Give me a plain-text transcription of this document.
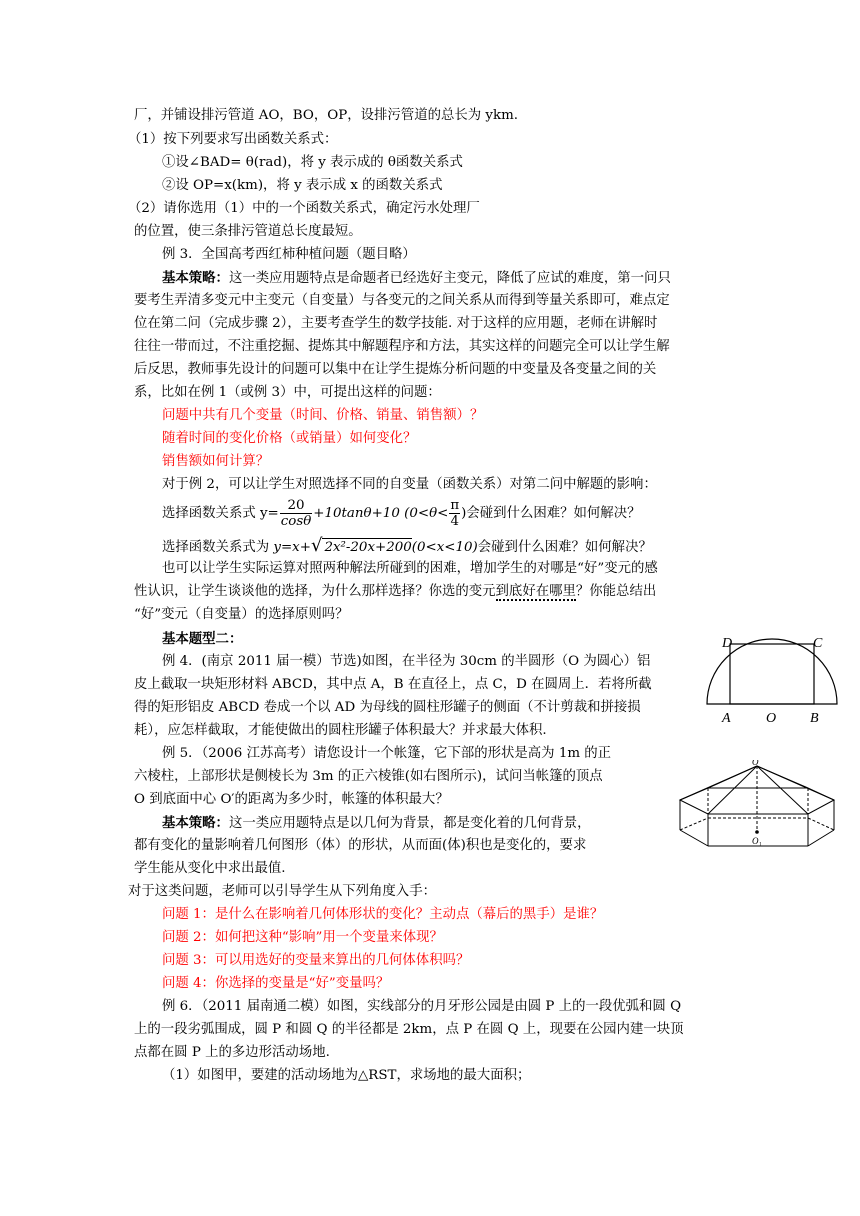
厂，并铺设排污管道 AO，BO，OP，设排污管道的总长为 ykm.
（1）按下列要求写出函数关系式：
①设∠BAD= θ(rad)，将 y 表示成的 θ函数关系式
②设 OP=x(km)，将 y 表示成 x 的函数关系式
（2）请你选用（1）中的一个函数关系式，确定污水处理厂
的位置，使三条排污管道总长度最短。
例 3．全国高考西红柿种植问题（题目略）
基本策略：这一类应用题特点是命题者已经选好主变元，降低了应试的难度，第一问只
要考生弄清多变元中主变元（自变量）与各变元的之间关系从而得到等量关系即可，难点定
位在第二问（完成步骤 2），主要考查学生的数学技能. 对于这样的应用题，老师在讲解时
往往一带而过，不注重挖掘、提炼其中解题程序和方法，其实这样的问题完全可以让学生解
后反思，教师事先设计的问题可以集中在让学生提炼分析问题的中变量及各变量之间的关
系，比如在例 1（或例 3）中，可提出这样的问题：
问题中共有几个变量（时间、价格、销量、销售额）？
随着时间的变化价格（或销量）如何变化？
销售额如何计算？
对于例 2，可以让学生对照选择不同的自变量（函数关系）对第二问中解题的影响：
选择函数关系式 $y= \frac{20}{\cos\theta} +10\tan\theta+10$ ($0<\theta< \frac{\pi}{4}$ )会碰到什么困难？如何解决？
选择函数关系式为 y=x+√ 2x²-20x+200(0<x<10)会碰到什么困难？如何解决？
也可以让学生实际运算对照两种解法所碰到的困难，增加学生的对哪是“好”变元的感
性认识，让学生谈谈他的选择，为什么那样选择？你选的变元到底好在哪里？你能总结出
“好”变元（自变量）的选择原则吗？
基本题型二：
例 4．(南京 2011 届一模）节选)如图，在半径为 30cm 的半圆形（O 为圆心）铝
皮上截取一块矩形材料 ABCD，其中点 A，B 在直径上，点 C，D 在圆周上．若将所截
得的矩形铝皮 ABCD 卷成一个以 AD 为母线的圆柱形罐子的侧面（不计剪裁和拼接损
耗），应怎样截取，才能使做出的圆柱形罐子体积最大？并求最大体积.
D	C
A	O B
例 5．（2006 江苏高考）请您设计一个帐篷，它下部的形状是高为 1m 的正
六棱柱，上部形状是侧棱长为 3m 的正六棱锥(如右图所示)，试问当帐篷的顶点
O 到底面中心 O′的距离为多少时，帐篷的体积最大？
O
O₁
基本策略：这一类应用题特点是以几何为背景，都是变化着的几何背景，
都有变化的量影响着几何图形（体）的形状，从而面(体)积也是变化的，要求
学生能从变化中求出最值.
对于这类问题，老师可以引导学生从下列角度入手：
问题 1：是什么在影响着几何体形状的变化？主动点（幕后的黑手）是谁？
问题 2：如何把这种“影响”用一个变量来体现？
问题 3：可以用选好的变量来算出的几何体体积吗？
问题 4：你选择的变量是“好”变量吗？
例 6．（2011 届南通二模）如图，实线部分的月牙形公园是由圆 P 上的一段优弧和圆 Q
上的一段劣弧围成，圆 P 和圆 Q 的半径都是 2km，点 P 在圆 Q 上，现要在公园内建一块顶
点都在圆 P 上的多边形活动场地.
（1）如图甲，要建的活动场地为△RST，求场地的最大面积；
